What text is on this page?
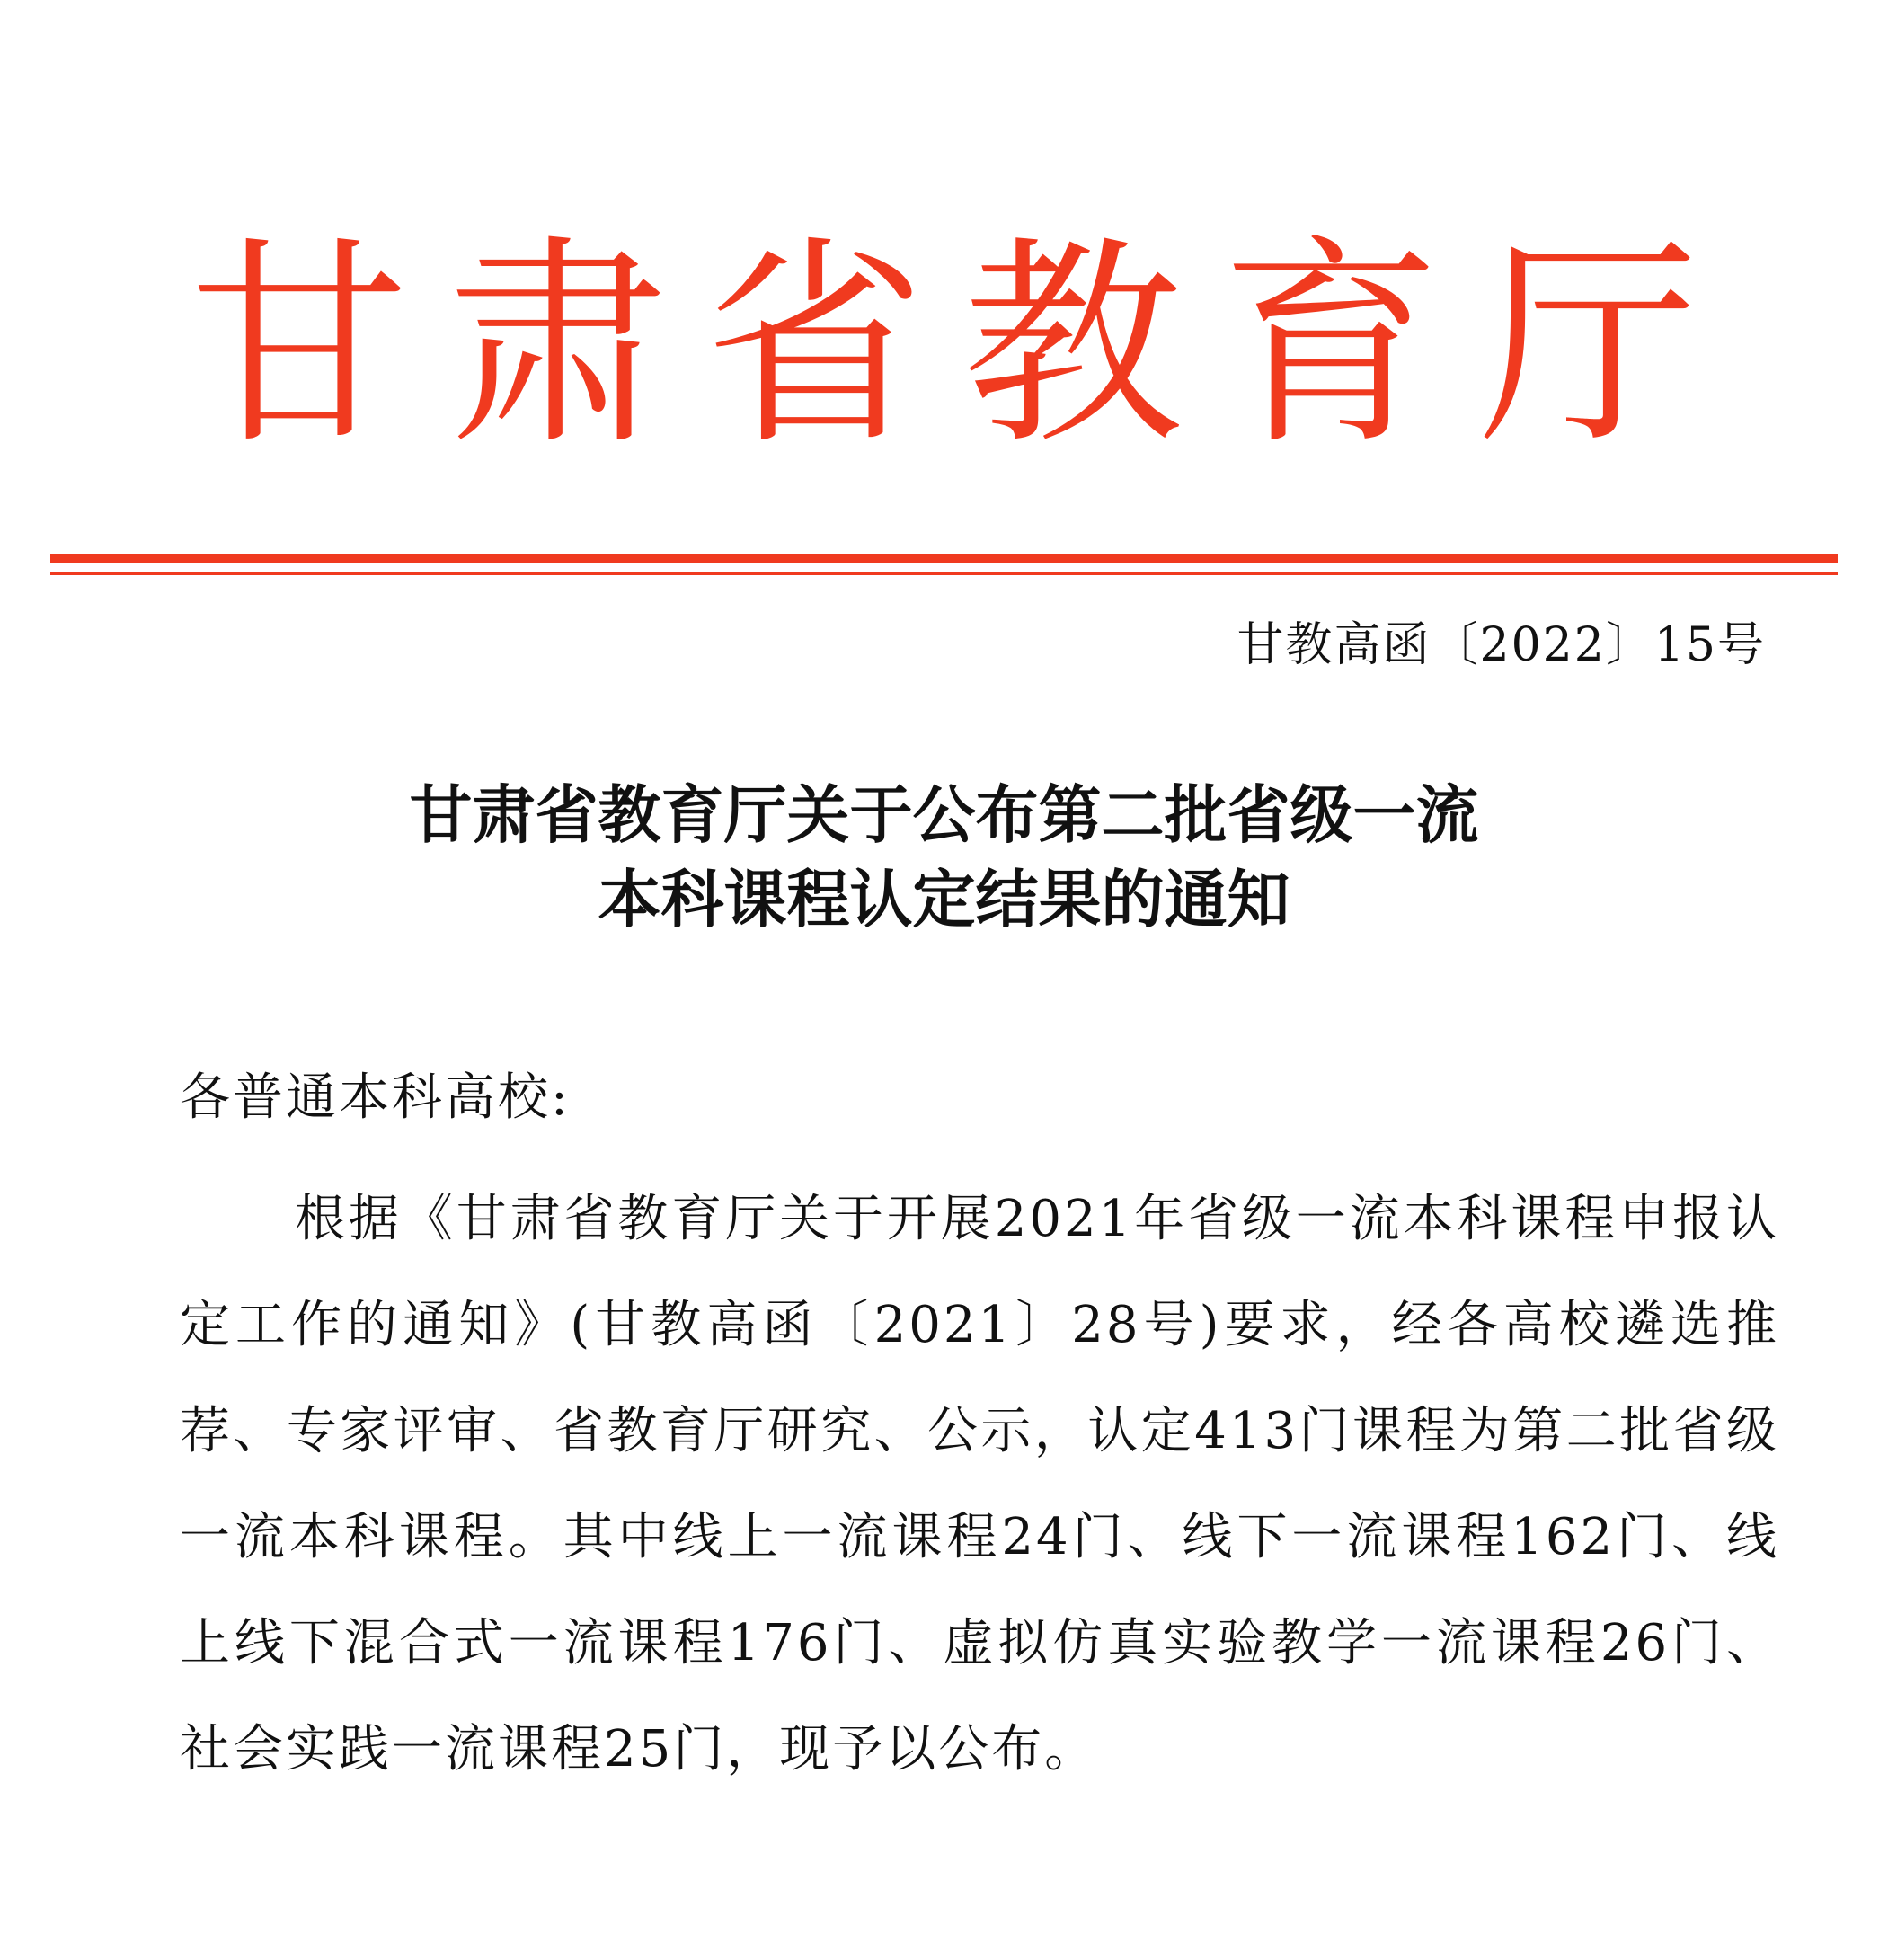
甘肃省教育厅
甘教高函〔2022〕15号
甘肃省教育厅关于公布第二批省级一流
本科课程认定结果的通知
各普通本科高校:

根据《甘肃省教育厅关于开展2021年省级一流本科课程申报认定工作的通知》(甘教高函〔2021〕28号)要求，经各高校遴选推荐、专家评审、省教育厅研究、公示，认定413门课程为第二批省级一流本科课程。其中线上一流课程24门、线下一流课程162门、线上线下混合式一流课程176门、虚拟仿真实验教学一流课程26门、社会实践一流课程25门，现予以公布。
